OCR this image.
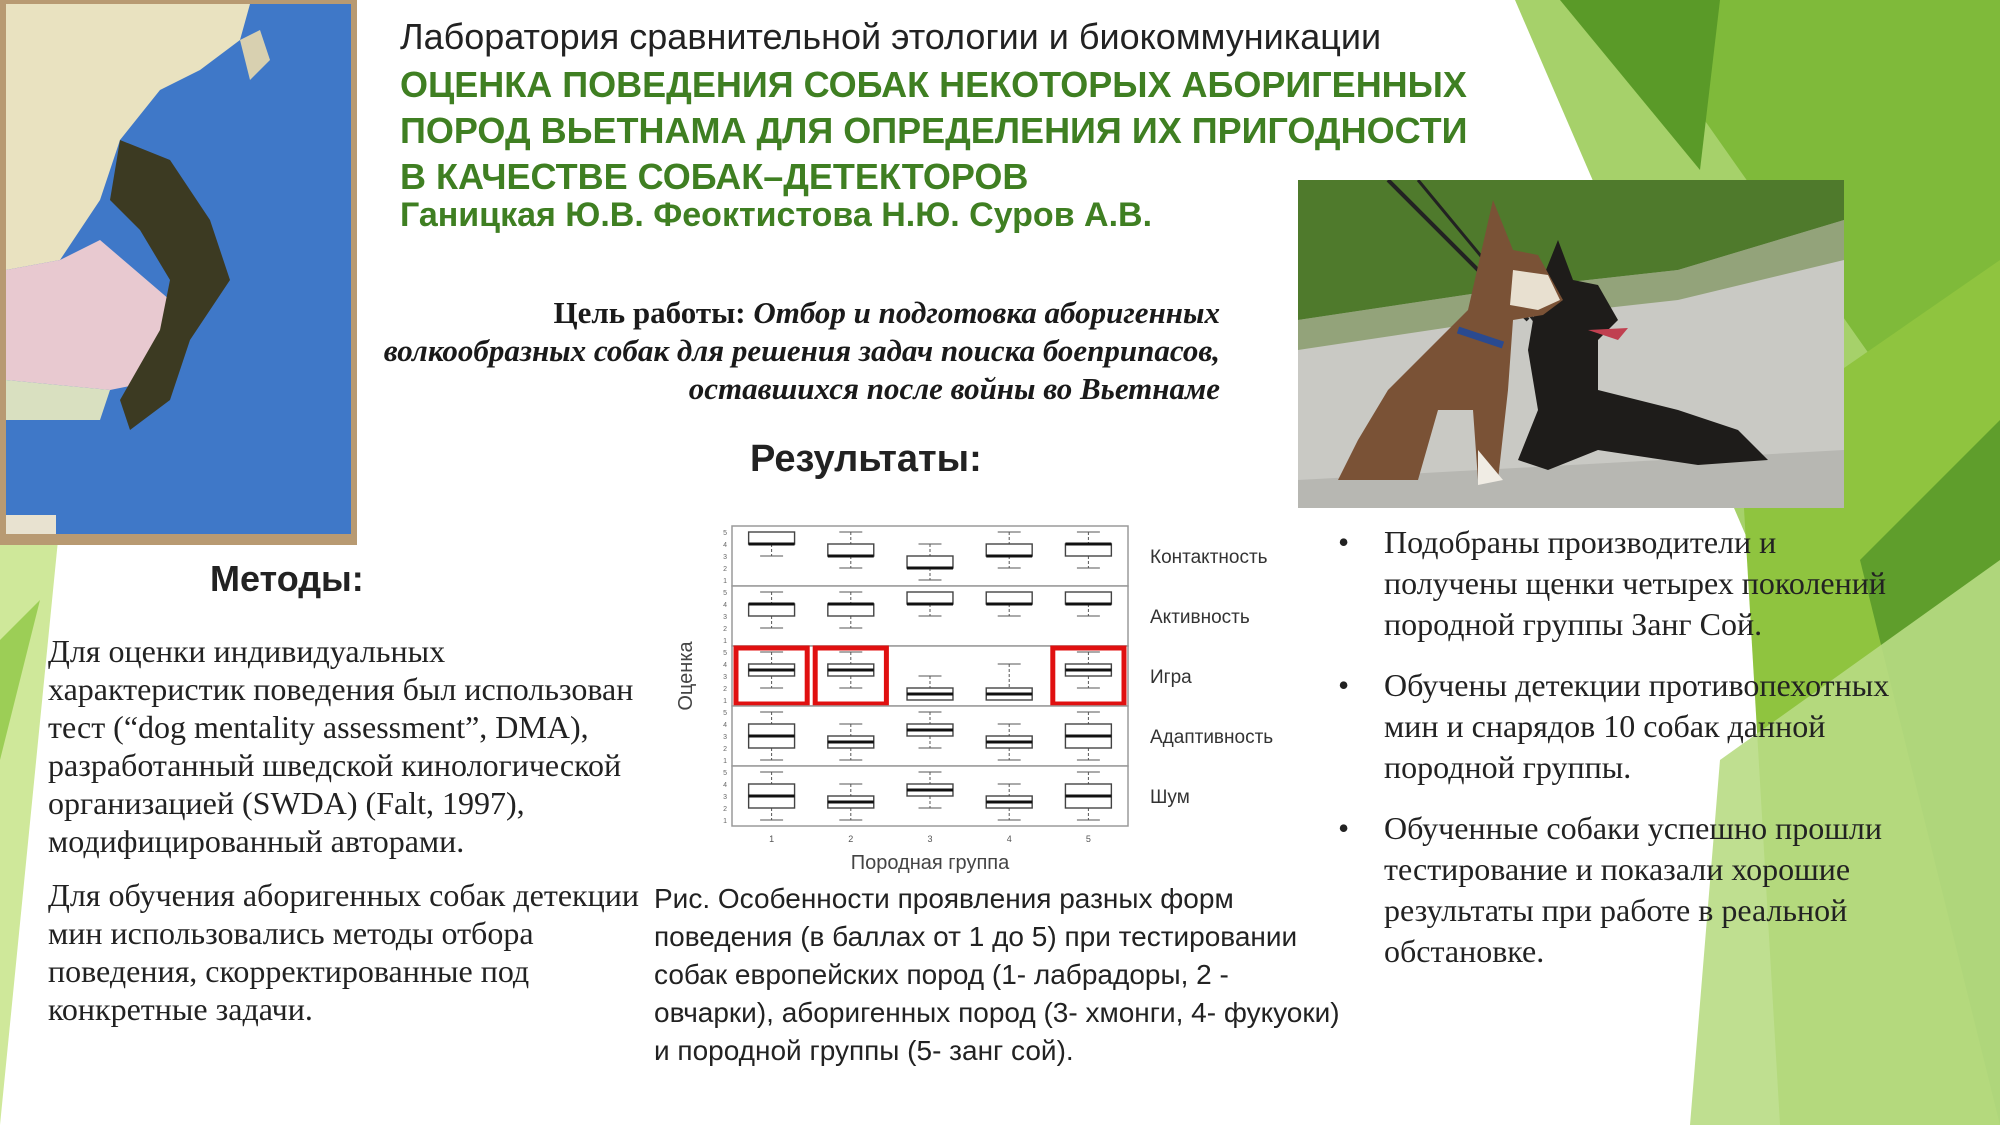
Лаборатория сравнительной этологии и биокоммуникации
ОЦЕНКА ПОВЕДЕНИЯ СОБАК НЕКОТОРЫХ АБОРИГЕННЫХ
ПОРОД ВЬЕТНАМА ДЛЯ ОПРЕДЕЛЕНИЯ ИХ ПРИГОДНОСТИ
В КАЧЕСТВЕ СОБАК–ДЕТЕКТОРОВ
Ганицкая Ю.В. Феоктистова Н.Ю. Суров А.В.
Цель работы: Отбор и подготовка аборигенных волкообразных собак для решения задач поиска боеприпасов, оставшихся после войны во Вьетнаме
Результаты:
Методы:

Для оценки индивидуальных характеристик поведения был использован тест (“dog mentality assessment”, DMA), разработанный шведской кинологической организацией (SWDA) (Falt, 1997), модифицированный авторами.

Для обучения аборигенных собак детекции мин использовались методы отбора поведения, скорректированные под конкретные задачи.

1
2
3
4
5
Контактность
1
2
3
4
5
Активность
1
2
3
4
5
Игра
1
2
3
4
5
Адаптивность
1
2
3
4
5
Шум
1	2	3	4	5
Породная группа
Оценка
Рис. Особенности проявления разных форм поведения (в баллах от 1 до 5) при тестировании собак европейских пород (1- лабрадоры, 2 - овчарки), аборигенных пород (3- хмонги, 4- фукуоки) и породной группы (5- занг сой).
• Подобраны производители и получены щенки четырех поколений породной группы Занг Сой.
• Обучены детекции противопехотных мин и снарядов 10 собак данной породной группы.
• Обученные собаки успешно прошли тестирование и показали хорошие результаты при работе в реальной обстановке.
